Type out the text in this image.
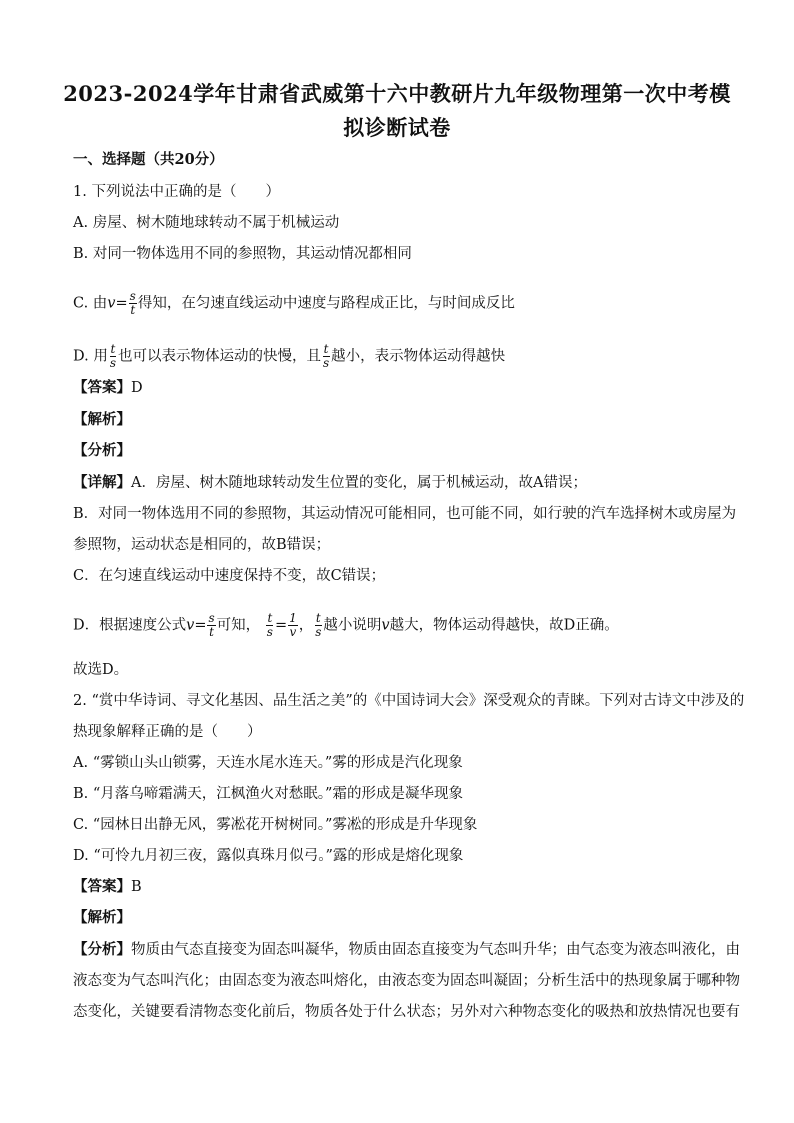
2023-2024学年甘肃省武威第十六中教研片九年级物理第一次中考模
拟诊断试卷
一、选择题（共20分）
1. 下列说法中正确的是（　　）
A. 房屋、树木随地球转动不属于机械运动
B. 对同一物体选用不同的参照物，其运动情况都相同
C. 由$v= \frac{s}{t}$ 得知，在匀速直线运动中速度与路程成正比，与时间成反比
D. 用 $\frac{t}{s}$ 也可以表示物体运动的快慢，且 $\frac{t}{s}$ 越小，表示物体运动得越快
【答案】D
【解析】
【分析】
【详解】A．房屋、树木随地球转动发生位置的变化，属于机械运动，故A错误；
B．对同一物体选用不同的参照物，其运动情况可能相同，也可能不同，如行驶的汽车选择树木或房屋为
参照物，运动状态是相同的，故B错误；
C．在匀速直线运动中速度保持不变，故C错误；
D．根据速度公式$v= \frac{s}{t}$ 可知， $\frac{t}{s} = \frac{1}{v}$ ， $\frac{t}{s}$ 越小说明v越大，物体运动得越快，故D正确。
故选D。
2. “赏中华诗词、寻文化基因、品生活之美”的《中国诗词大会》深受观众的青睐。下列对古诗文中涉及的
热现象解释正确的是（　　）
A. “雾锁山头山锁雾，天连水尾水连天。”雾的形成是汽化现象
B. “月落乌啼霜满天，江枫渔火对愁眠。”霜的形成是凝华现象
C. “园林日出静无风，雾凇花开树树同。”雾凇的形成是升华现象
D. “可怜九月初三夜，露似真珠月似弓。”露的形成是熔化现象
【答案】B
【解析】
【分析】物质由气态直接变为固态叫凝华，物质由固态直接变为气态叫升华；由气态变为液态叫液化，由
液态变为气态叫汽化；由固态变为液态叫熔化，由液态变为固态叫凝固；分析生活中的热现象属于哪种物
态变化，关键要看清物态变化前后，物质各处于什么状态；另外对六种物态变化的吸热和放热情况也要有
